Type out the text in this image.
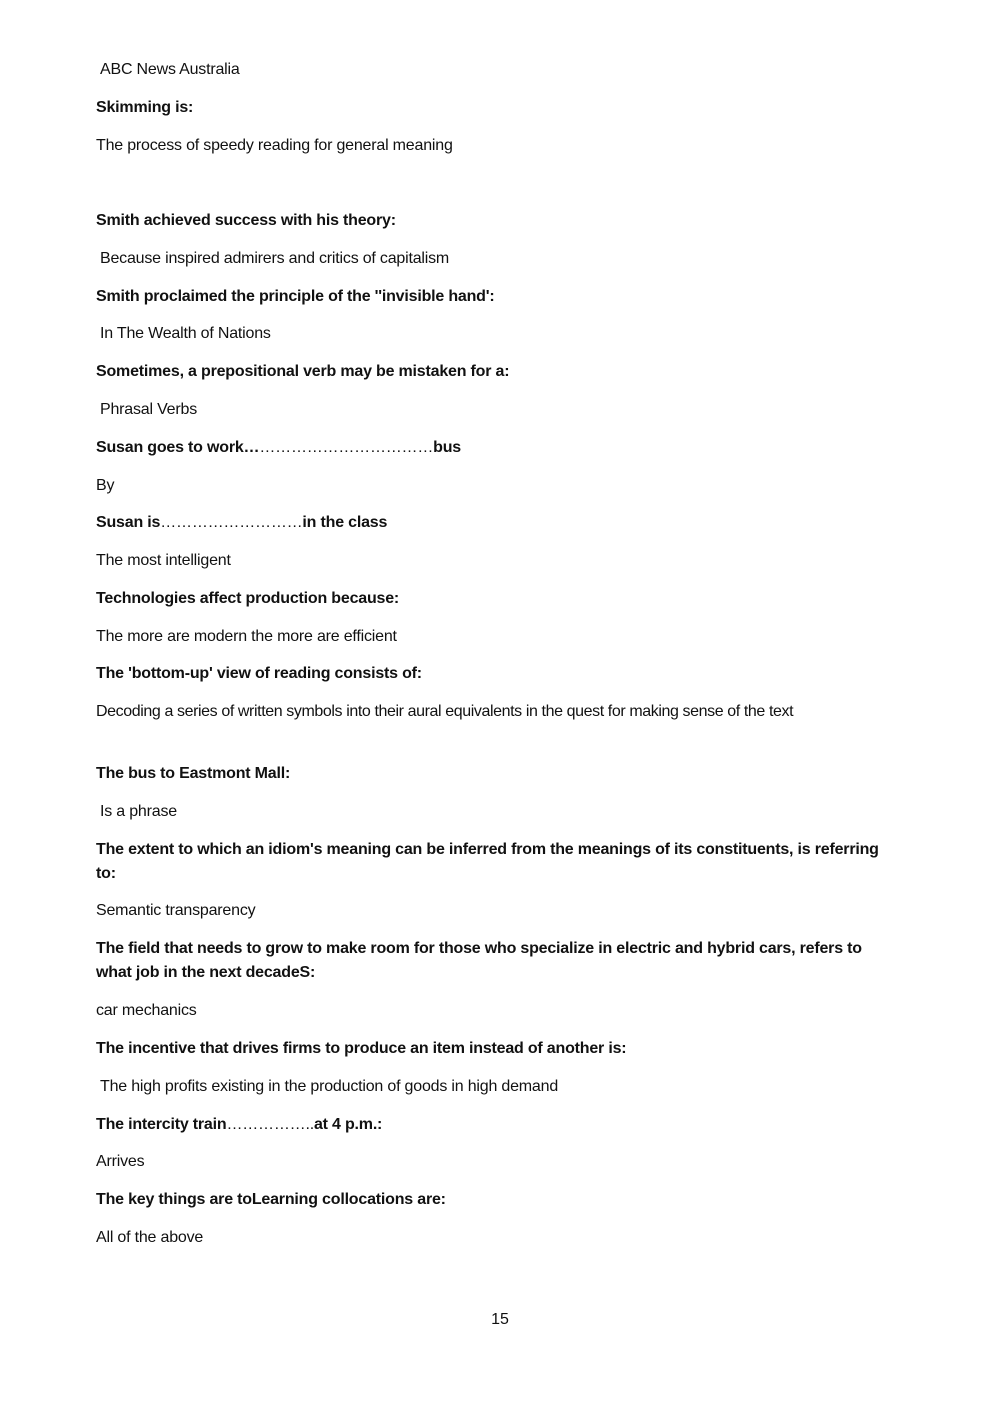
ABC News Australia
Skimming is:
The process of speedy reading for general meaning
Smith achieved success with his theory:
Because inspired admirers and critics of capitalism
Smith proclaimed the principle of the ''invisible hand':
In The Wealth of Nations
Sometimes, a prepositional verb may be mistaken for a:
Phrasal Verbs
Susan goes to work………………………………bus
By
Susan is………………………in the class
The most intelligent
Technologies affect production because:
The more are modern the more are efficient
The 'bottom-up' view of reading consists of:
Decoding a series of written symbols into their aural equivalents in the quest for making sense of the text
The bus to Eastmont Mall:
Is a phrase
The extent to which an idiom's meaning can be inferred from the meanings of its constituents, is referring to:
Semantic transparency
The field that needs to grow to make room for those who specialize in electric and hybrid cars, refers to what job in the next decadeS:
car mechanics
The incentive that drives firms to produce an item instead of another is:
The high profits existing in the production of goods in high demand
The intercity train……………..at 4 p.m.:
Arrives
The key things are toLearning collocations are:
All of the above
15
